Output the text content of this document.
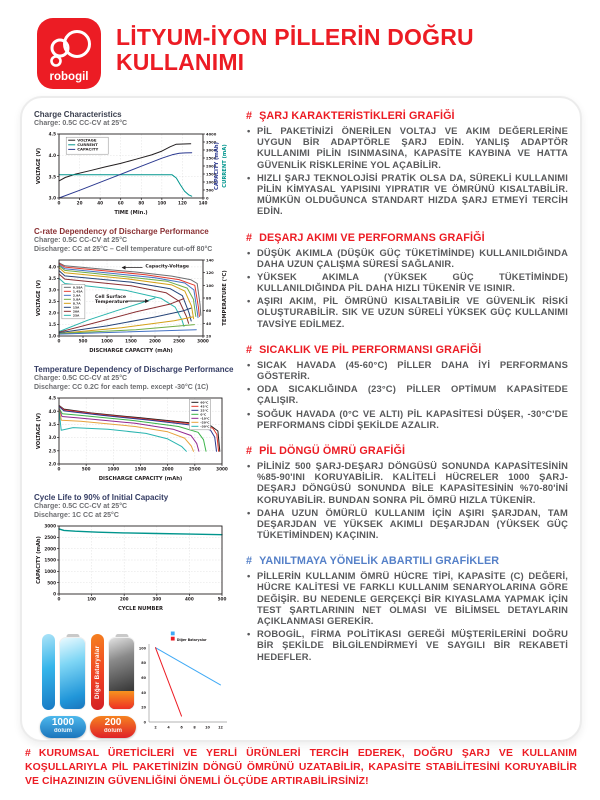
robogil
LİTYUM-İYON PİLLERİN DOĞRU KULLANIMI
Charge Characteristics
Charge: 0.5C CC-CV at 25°C
0	20	40	60	80	100	120	140
3.0
3.5
4.0
4.5
0
500
1000
1500
2000
2500
3000
3500
4000
TIME (Min.)
VOLTAGE (V)	CAPACITY (mAh) CURRENT (mA)
VOLTAGE
CURRENT
CAPACITY
C-rate Dependency of Discharge Performance
Charge: 0.5C CC-CV at 25°C
Discharge: CC at 25°C – Cell temperature cut-off 80°C
0	500	1000	1500	2000	2500	3000
1.0
1.5
2.0
2.5
3.0
3.5
4.0
20
40
60
80
100
120
140
DISCHARGE CAPACITY (mAh)
VOLTAGE (V)	TEMPERATURE (°C)
0.58A
1.45A
2.9A
5.8A
8.7A
15A
20A
25A
Capacity-Voltage
Cell Surface
Temperature
Temperature Dependency of Discharge Performance
Charge: 0.5C CC-CV at 25°C
Discharge: CC 0.2C for each temp. except -30°C (1C)
0	500	1000	1500	2000	2500	3000
2.0
2.5
3.0
3.5
4.0
4.5
DISCHARGE CAPACITY (mAh)
VOLTAGE (V)
60°C
45°C
25°C
0°C
-10°C
-20°C
-30°C
Cycle Life to 90% of Initial Capacity
Charge: 0.5C CC-CV at 25°C
Discharge: 1C CC at 25°C
0	100	200	300	400	500
0
500
1000
1500
2000
2500
3000
CYCLE NUMBER
CAPACITY (mAh)
Diğer Bataryalar
1000
dolum
200
dolum
2	4	6	8	10 12
0
20
40
60
80
100
Diğer Bataryalar
# ŞARJ KARAKTERİSTİKLERİ GRAFİĞİ
• PİL PAKETİNİZİ ÖNERİLEN VOLTAJ VE AKIM DEĞERLERİNE UYGUN BİR ADAPTÖRLE ŞARJ EDİN. YANLIŞ ADAPTÖR KULLANIMI PİLİN ISINMASINA, KAPASİTE KAYBINA VE HATTA GÜVENLİK RİSKLERİNE YOL AÇABİLİR.
• HIZLI ŞARJ TEKNOLOJİSİ PRATİK OLSA DA, SÜREKLİ KULLANIMI PİLİN KİMYASAL YAPISINI YIPRATIR VE ÖMRÜNÜ KISALTABİLİR. MÜMKÜN OLDUĞUNCA STANDART HIZDA ŞARJ ETMEYİ TERCİH EDİN.
# DEŞARJ AKIMI VE PERFORMANS GRAFİĞİ
• DÜŞÜK AKIMLA (DÜŞÜK GÜÇ TÜKETİMİNDE) KULLANILDIĞINDA DAHA UZUN ÇALIŞMA SÜRESİ SAĞLANIR.
• YÜKSEK AKIMLA (YÜKSEK GÜÇ TÜKETİMİNDE) KULLANILDIĞINDA PİL DAHA HIZLI TÜKENİR VE ISINIR.
• AŞIRI AKIM, PİL ÖMRÜNÜ KISALTABİLİR VE GÜVENLİK RİSKİ OLUŞTURABİLİR. SIK VE UZUN SÜRELİ YÜKSEK GÜÇ KULLANIMI TAVSİYE EDİLMEZ.
# SICAKLIK VE PİL PERFORMANSI GRAFİĞİ
• SICAK HAVADA (45-60°C) PİLLER DAHA İYİ PERFORMANS GÖSTERİR.
• ODA SICAKLIĞINDA (23°C) PİLLER OPTİMUM KAPASİTEDE ÇALIŞIR.
• SOĞUK HAVADA (0°C VE ALTI) PİL KAPASİTESİ DÜŞER, -30°C'DE PERFORMANS CİDDİ ŞEKİLDE AZALIR.
# PİL DÖNGÜ ÖMRÜ GRAFİĞİ
• PİLİNİZ 500 ŞARJ-DEŞARJ DÖNGÜSÜ SONUNDA KAPASİTESİNİN %85-90'INI KORUYABİLİR. KALİTELİ HÜCRELER 1000 ŞARJ-DEŞARJ DÖNGÜSÜ SONUNDA BİLE KAPASİTESİNİN %70-80'İNİ KORUYABİLİR. BUNDAN SONRA PİL ÖMRÜ HIZLA TÜKENİR.
• DAHA UZUN ÖMÜRLÜ KULLANIM İÇİN AŞIRI ŞARJDAN, TAM DEŞARJDAN VE YÜKSEK AKIMLI DEŞARJDAN (YÜKSEK GÜÇ TÜKETİMİNDEN) KAÇININ.
# YANILTMAYA YÖNELİK ABARTILI GRAFİKLER
• PİLLERİN KULLANIM ÖMRÜ HÜCRE TİPİ, KAPASİTE (C) DEĞERİ, HÜCRE KALİTESİ VE FARKLI KULLANIM SENARYOLARINA GÖRE DEĞİŞİR. BU NEDENLE GERÇEKÇİ BİR KIYASLAMA YAPMAK İÇİN TEST ŞARTLARININ NET OLMASI VE BİLİMSEL DETAYLARIN AÇIKLANMASI GEREKİR.
• ROBOGİL, FİRMA POLİTİKASI GEREĞİ MÜŞTERİLERİNİ DOĞRU BİR ŞEKİLDE BİLGİLENDİRMEYİ VE SAYGILI BİR REKABETİ HEDEFLER.
# KURUMSAL ÜRETİCİLERİ VE YERLİ ÜRÜNLERİ TERCİH EDEREK, DOĞRU ŞARJ VE KULLANIM KOŞULLARIYLA PİL PAKETİNİZİN DÖNGÜ ÖMRÜNÜ UZATABİLİR, KAPASİTE STABİLİTESİNİ KORUYABİLİR VE CİHAZINIZIN GÜVENLİĞİNİ ÖNEMLİ ÖLÇÜDE ARTIRABİLİRSİNİZ!
